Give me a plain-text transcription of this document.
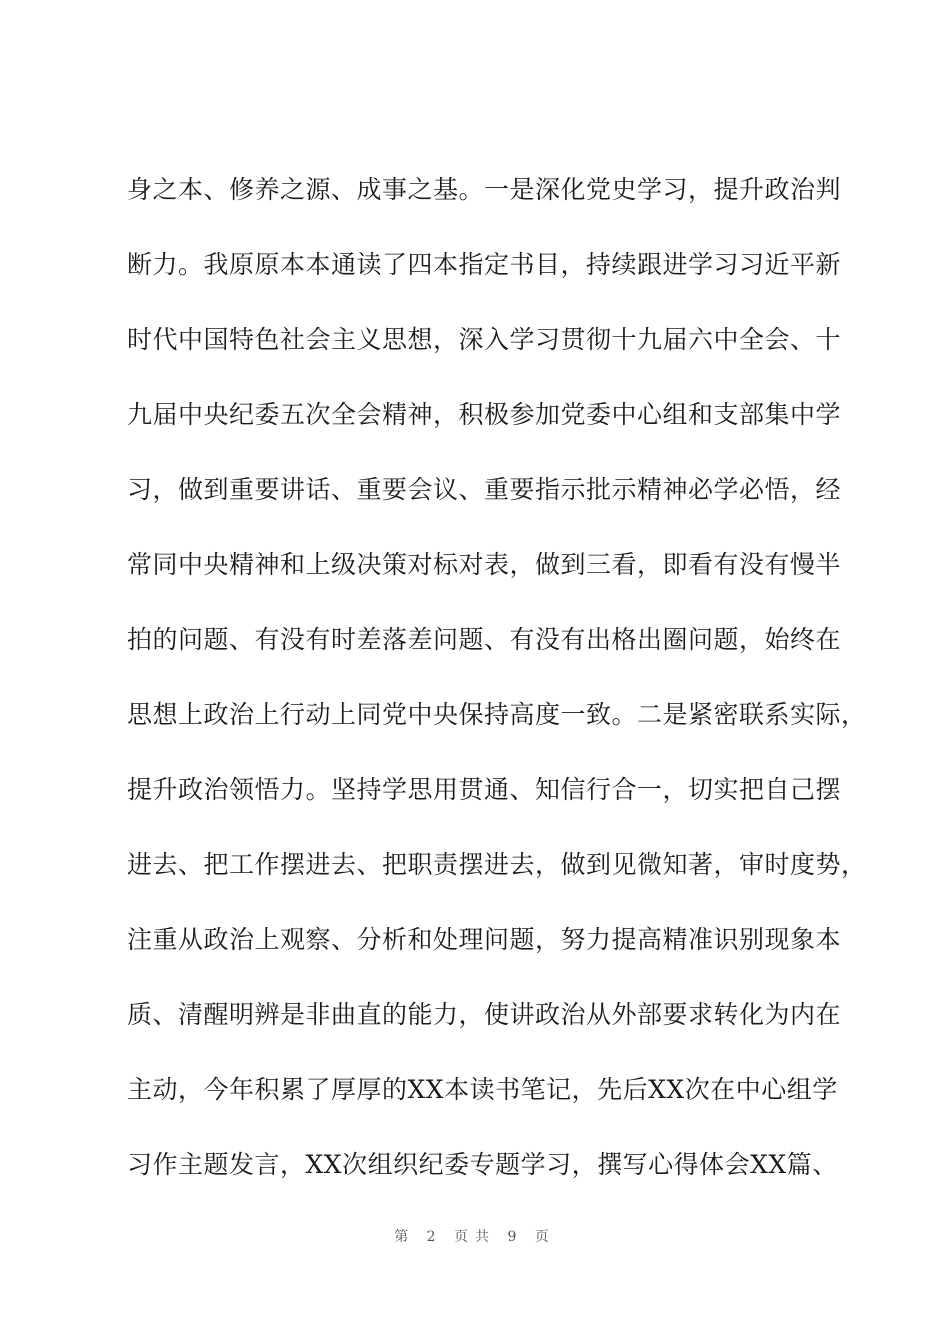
身之本、修养之源、成事之基。一是深化党史学习，提升政治判
断力。我原原本本通读了四本指定书目，持续跟进学习习近平新
时代中国特色社会主义思想，深入学习贯彻十九届六中全会、十
九届中央纪委五次全会精神，积极参加党委中心组和支部集中学
习，做到重要讲话、重要会议、重要指示批示精神必学必悟，经
常同中央精神和上级决策对标对表，做到三看，即看有没有慢半
拍的问题、有没有时差落差问题、有没有出格出圈问题，始终在
思想上政治上行动上同党中央保持高度一致。二是紧密联系实际，
提升政治领悟力。坚持学思用贯通、知信行合一，切实把自己摆
进去、把工作摆进去、把职责摆进去，做到见微知著，审时度势，
注重从政治上观察、分析和处理问题，努力提高精准识别现象本
质、清醒明辨是非曲直的能力，使讲政治从外部要求转化为内在
主动，今年积累了厚厚的XX本读书笔记，先后XX次在中心组学
习作主题发言，XX次组织纪委专题学习，撰写心得体会XX篇、
第 2 页共 9 页
